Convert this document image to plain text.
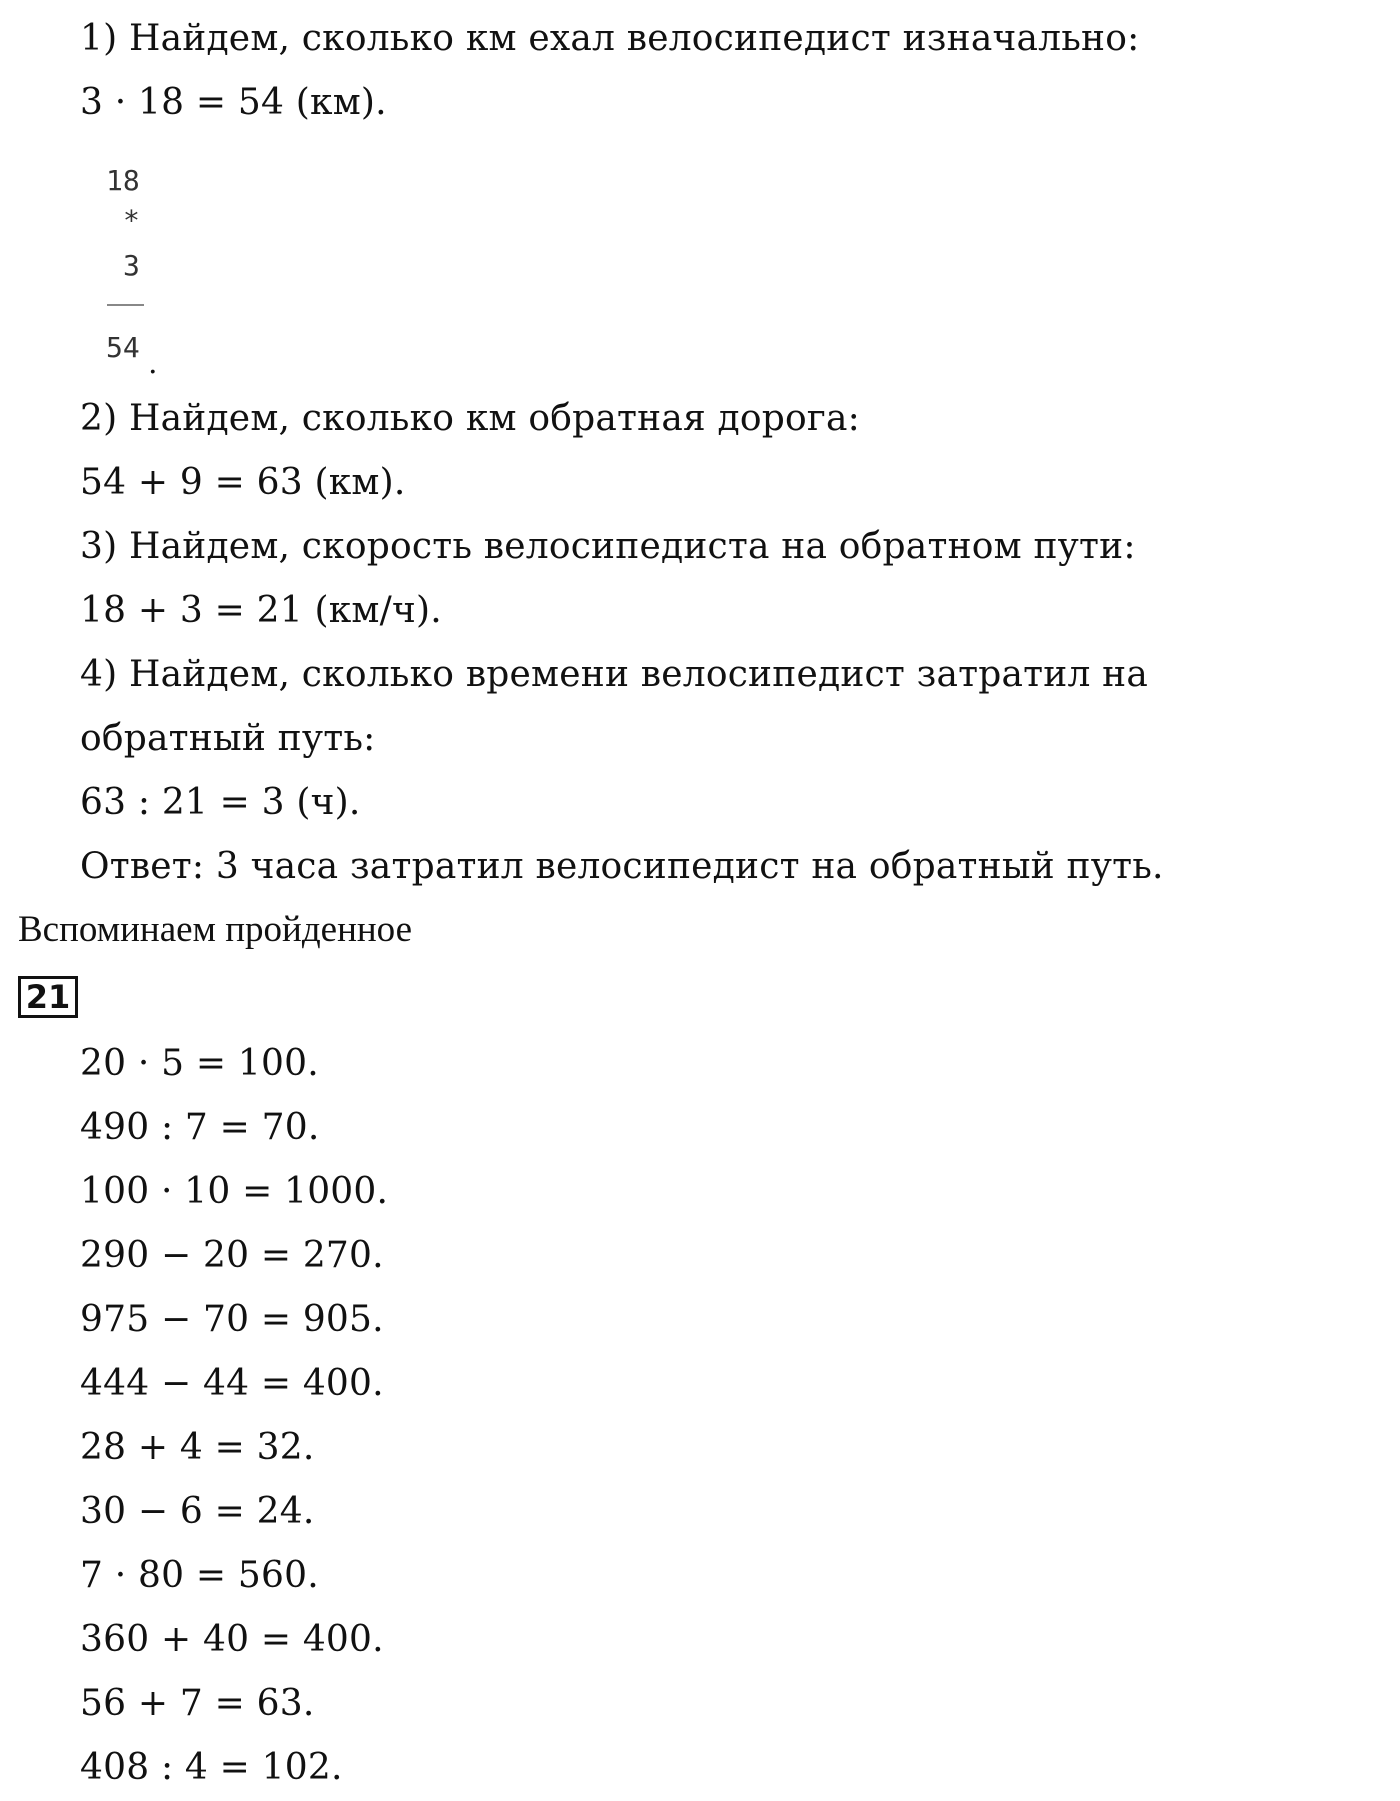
1) Найдем, сколько км ехал велосипедист изначально:
3 · 18 = 54 (км).
18
*
3
54 .
2) Найдем, сколько км обратная дорога:
54 + 9 = 63 (км).
3) Найдем, скорость велосипедиста на обратном пути:
18 + 3 = 21 (км/ч).
4) Найдем, сколько времени велосипедист затратил на
обратный путь:
63 : 21 = 3 (ч).
Ответ: 3 часа затратил велосипедист на обратный путь.
Вспоминаем пройденное
21
20 · 5 = 100.
490 : 7 = 70.
100 · 10 = 1000.
290 − 20 = 270.
975 − 70 = 905.
444 − 44 = 400.
28 + 4 = 32.
30 − 6 = 24.
7 · 80 = 560.
360 + 40 = 400.
56 + 7 = 63.
408 : 4 = 102.
